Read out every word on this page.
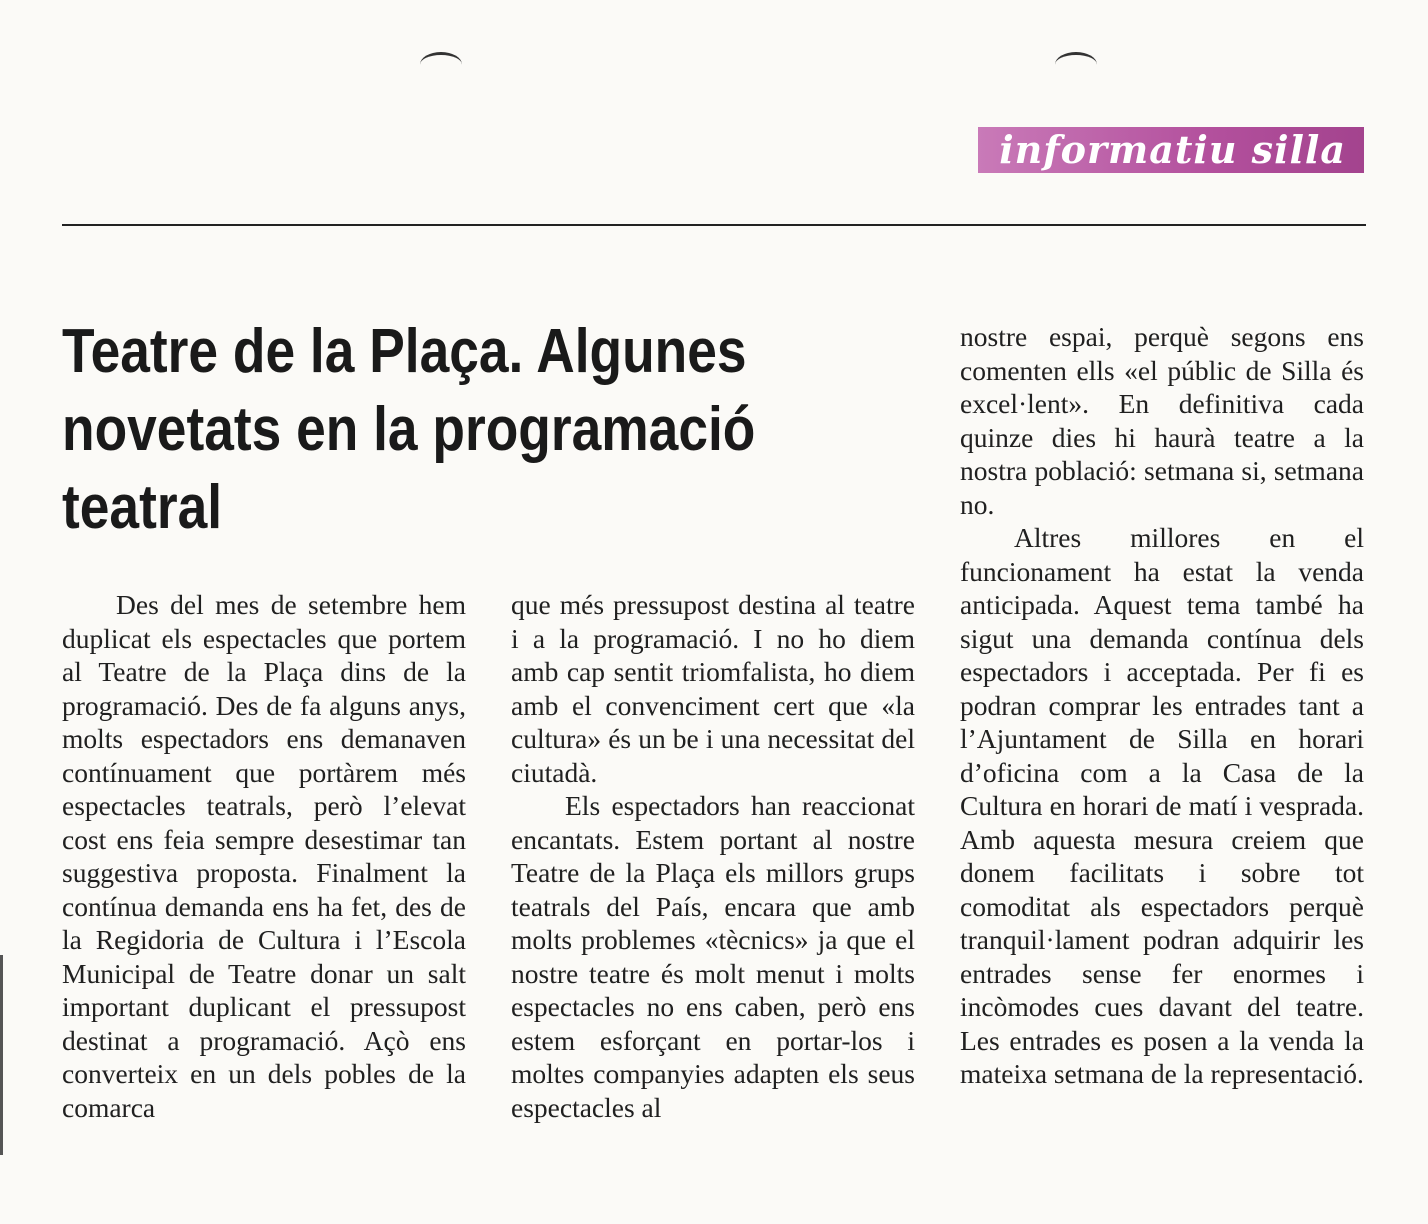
informatiu silla
Teatre de la Plaça. Algunes novetats en la programació teatral

Des del mes de setembre hem duplicat els espectacles que portem al Teatre de la Plaça dins de la programació. Des de fa alguns anys, molts espectadors ens demanaven contínuament que portàrem més espectacles teatrals, però l’elevat cost ens feia sempre desestimar tan suggestiva proposta. Finalment la contínua demanda ens ha fet, des de la Regidoria de Cultura i l’Escola Municipal de Teatre donar un salt important duplicant el pressupost destinat a programació. Açò ens converteix en un dels pobles de la comarca

que més pressupost destina al teatre i a la programació. I no ho diem amb cap sentit triomfalista, ho diem amb el convenciment cert que «la cultura» és un be i una necessitat del ciutadà.

Els espectadors han reaccionat encantats. Estem portant al nostre Teatre de la Plaça els millors grups teatrals del País, encara que amb molts problemes «tècnics» ja que el nostre teatre és molt menut i molts espectacles no ens caben, però ens estem esforçant en portar-los i moltes companyies adapten els seus espectacles al

nostre espai, perquè segons ens comenten ells «el públic de Silla és excel·lent». En definitiva cada quinze dies hi haurà teatre a la nostra població: setmana si, setmana no.

Altres millores en el funcionament ha estat la venda anticipada. Aquest tema també ha sigut una demanda contínua dels espectadors i acceptada. Per fi es podran comprar les entrades tant a l’Ajuntament de Silla en horari d’oficina com a la Casa de la Cultura en horari de matí i vesprada. Amb aquesta mesura creiem que donem facilitats i sobre tot comoditat als espectadors perquè tranquil·lament podran adquirir les entrades sense fer enormes i incòmodes cues davant del teatre. Les entrades es posen a la venda la mateixa setmana de la representació.
